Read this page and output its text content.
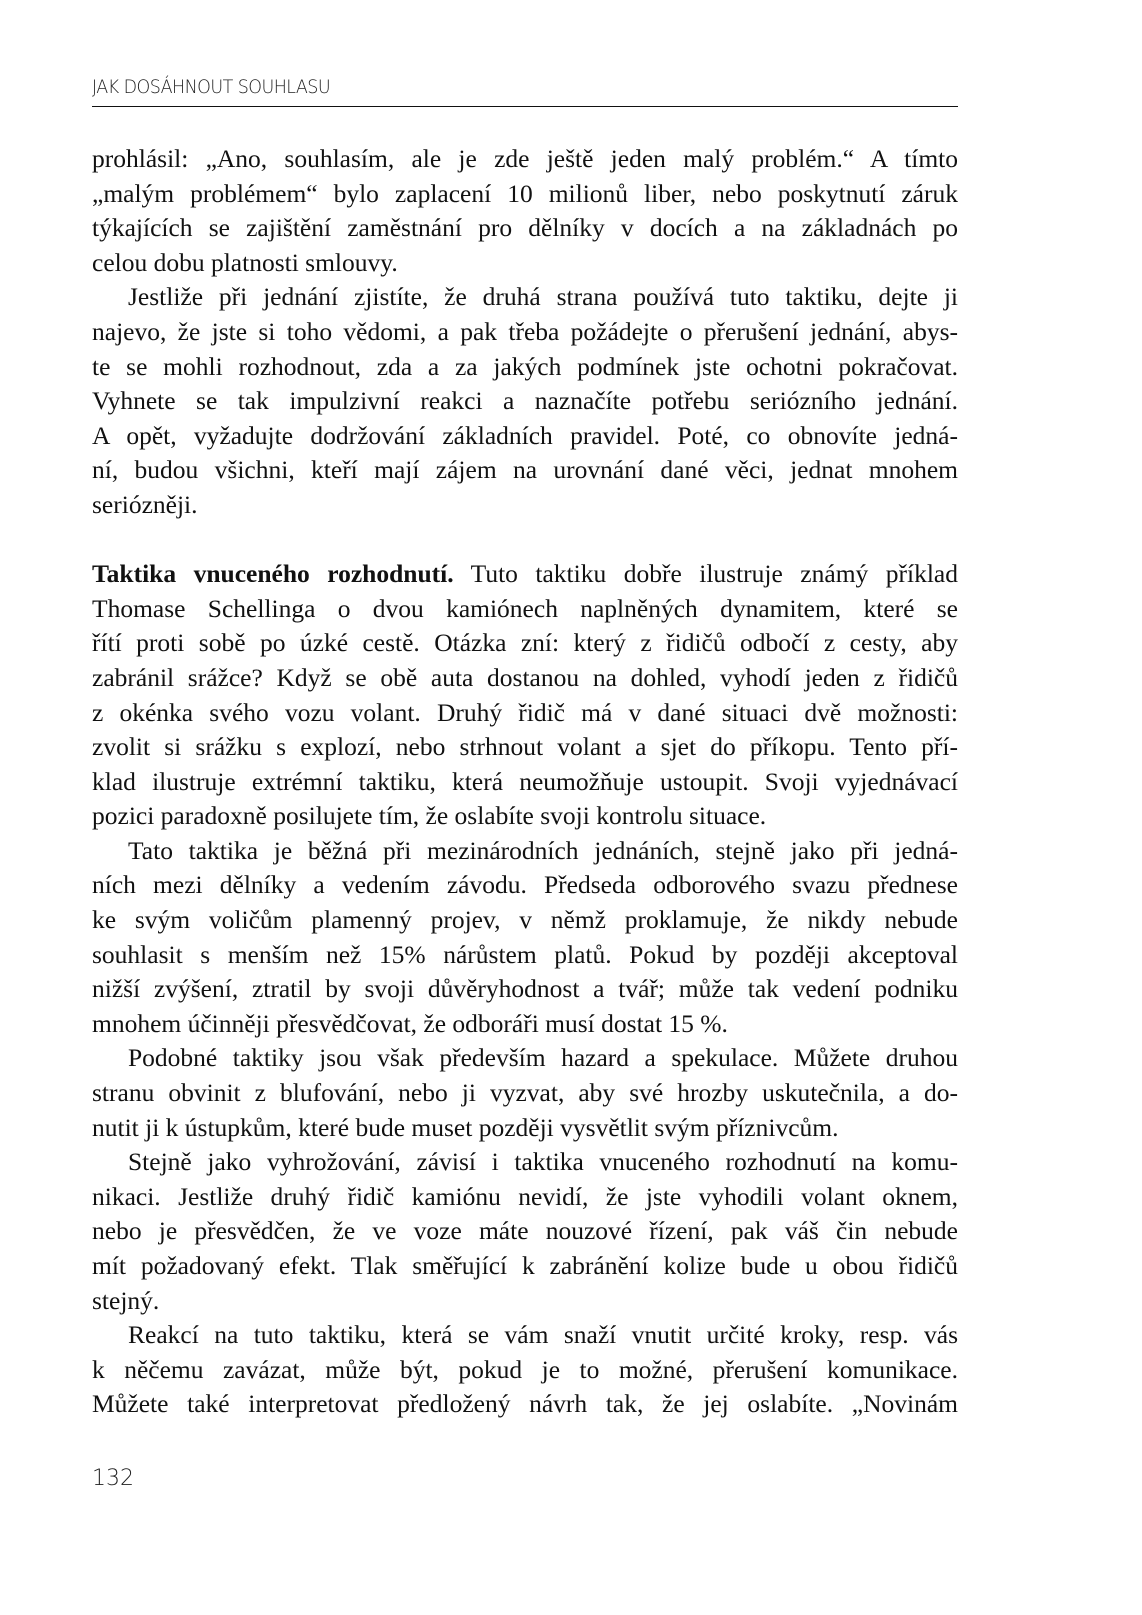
JAK DOSÁHNOUT SOUHLASU

prohlásil: „Ano, souhlasím, ale je zde ještě jeden malý problém.“ A tímto
„malým problémem“ bylo zaplacení 10 milionů liber, nebo poskytnutí záruk
týkajících se zajištění zaměstnání pro dělníky v docích a na základnách po
celou dobu platnosti smlouvy.

Jestliže při jednání zjistíte, že druhá strana používá tuto taktiku, dejte ji
najevo, že jste si toho vědomi, a pak třeba požádejte o přerušení jednání, abys-
te se mohli rozhodnout, zda a za jakých podmínek jste ochotni pokračovat.
Vyhnete se tak impulzivní reakci a naznačíte potřebu seriózního jednání.
A opět, vyžadujte dodržování základních pravidel. Poté, co obnovíte jedná-
ní, budou všichni, kteří mají zájem na urovnání dané věci, jednat mnohem
seriózněji.

Taktika vnuceného rozhodnutí. Tuto taktiku dobře ilustruje známý příklad
Thomase Schellinga o dvou kamiónech naplněných dynamitem, které se
řítí proti sobě po úzké cestě. Otázka zní: který z řidičů odbočí z cesty, aby
zabránil srážce? Když se obě auta dostanou na dohled, vyhodí jeden z řidičů
z okénka svého vozu volant. Druhý řidič má v dané situaci dvě možnosti:
zvolit si srážku s explozí, nebo strhnout volant a sjet do příkopu. Tento pří-
klad ilustruje extrémní taktiku, která neumožňuje ustoupit. Svoji vyjednávací
pozici paradoxně posilujete tím, že oslabíte svoji kontrolu situace.

Tato taktika je běžná při mezinárodních jednáních, stejně jako při jedná-
ních mezi dělníky a vedením závodu. Předseda odborového svazu přednese
ke svým voličům plamenný projev, v němž proklamuje, že nikdy nebude
souhlasit s menším než 15% nárůstem platů. Pokud by později akceptoval
nižší zvýšení, ztratil by svoji důvěryhodnost a tvář; může tak vedení podniku
mnohem účinněji přesvědčovat, že odboráři musí dostat 15 %.

Podobné taktiky jsou však především hazard a spekulace. Můžete druhou
stranu obvinit z blufování, nebo ji vyzvat, aby své hrozby uskutečnila, a do-
nutit ji k ústupkům, které bude muset později vysvětlit svým příznivcům.

Stejně jako vyhrožování, závisí i taktika vnuceného rozhodnutí na komu-
nikaci. Jestliže druhý řidič kamiónu nevidí, že jste vyhodili volant oknem,
nebo je přesvědčen, že ve voze máte nouzové řízení, pak váš čin nebude
mít požadovaný efekt. Tlak směřující k zabránění kolize bude u obou řidičů
stejný.

Reakcí na tuto taktiku, která se vám snaží vnutit určité kroky, resp. vás
k něčemu zavázat, může být, pokud je to možné, přerušení komunikace.
Můžete také interpretovat předložený návrh tak, že jej oslabíte. „Novinám

132
